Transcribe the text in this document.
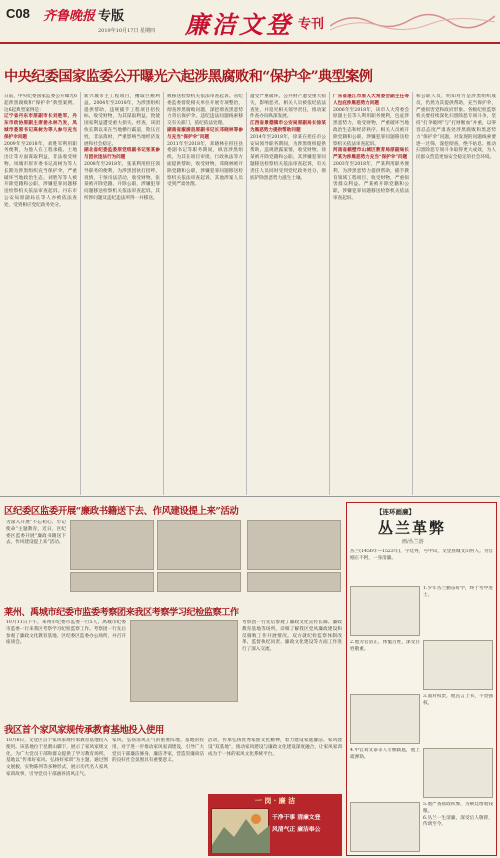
C08 齐鲁晚报 专版
2019年10月17日 星期四 廉洁文登 专刊
中央纪委国家监委公开曝光六起涉黑腐败和“保护伞”典型案例
日前，中央纪委国家监委公开曝光6起涉黑腐败和“保护伞”典型案例。这6起典型案例是：
辽宁省丹东市原副市长刘胜军，丹东市政协原副主席姜永林乃发，凤城市委原书记高树为等人参与充当保护伞问题
2009年至2018年，刘胜军利用职务便利，为他人在工程承揽、土地出让等方面谋取利益，非法收受财物。凤城市原市委书记高树为等人长期为涉黑组织充当保护伞，严重破坏当地政治生态。刘胜军等人被开除党籍和公职，涉嫌犯罪问题移送检察机关依法审查起诉。丹东市公安局原副局长等人亦被依法查处，受到相应党纪政务处分。
新兴城市主工程项目，攫取巨额利益。2004年至2018年，为涉黑组织提供帮助，违规插手工程项目招投标，收受财物，为其谋取利益，致使国家利益遭受重大损失。经查，该团伙长期以来在当地横行霸道，欺压百姓，非法敛财，严重影响当地经济发展和社会稳定。
湖北省纪委监委原党组副书记张某参与团伙违法行为问题
2008年至2018年，张某利用担任领导职务的便利，为涉黑团伙打招呼、说情，干预司法活动，收受财物。张某被开除党籍、开除公职，涉嫌犯罪问题移送检察机关依法审查起诉。其所涉问题及违纪违法所得一并移送。
被移送检察机关依法审查起诉。省纪委监委督促相关单位开展专项整治，彻查涉黑腐败问题，深挖彻查黑恶势力背后保护伞。违纪违法问题线索移交有关部门，依纪依法处理。
湖南省溆浦县原副书记长邓晓林等参与充当“保护伞”问题
2011年至2018年，邓晓林在担任县委副书记等职务期间，纵容涉黑组织，为其在项目审批、行政执法等方面提供帮助，收受财物。邓晓林被开除党籍和公职，涉嫌犯罪问题移送检察机关依法审查起诉，其他涉案人员受到严肃处理。
遭受严重破坏。公共财产遭受重大损失，影响恶劣。相关人员被依纪依法查处，并追究相关领导责任，推动案件查办向纵深发展。
江西省景德镇市公安局原副局长徐某为黑恶势力提供帮助问题
2014年至2018年，徐某在担任市公安局领导职务期间，为涉黑组织提供帮助，违规泄露案情，收受财物。徐某被开除党籍和公职，其涉嫌犯罪问题移送检察机关依法审查起诉，有关责任人员同时受到党纪政务处分，彻底铲除黑恶势力滋生土壤。
广东省湛江市原人大常委会副主任等人包庇涉黑恶势力问题
2006年至2018年，该市人大常委会原副主任等人利用职务便利，包庇涉黑恶势力，收受财物，严重破坏当地政治生态和经济秩序。相关人员被开除党籍和公职，涉嫌犯罪问题移送检察机关依法审查起诉。
河南省鹤壁市山城区教育局原副局长严某为涉黑恶势力充当“保护伞”问题
2003年至2018年，严某利用职务便利，为涉黑恶势力提供帮助，插手教育领域工程项目，收受财物，严重损害群众利益。严某被开除党籍和公职，涉嫌犯罪问题移送检察机关依法审查起诉。
和公职人员，明知对方是涉黑组织成员，仍然为其提供帮助，充当保护伞，严重损害党和政府形象。各级纪检监察机关要持续深化扫黑除恶专项斗争，坚持“打伞破网”与“打财断血”并重，以零容忍态度严肃查处涉黑腐败和黑恶势力“保护伞”问题，对发现的问题线索要逐一过筛，深挖彻查，绝不姑息，推动扫黑除恶专项斗争取得更大成效，为人民群众营造更加安全稳定的社会环境。
区纪委区监委开展“廉政书籍送下去、作风建设提上来”活动
为深入开展“不忘初心、牢记使命”主题教育，近日，区纪委区监委开展“廉政书籍送下去、作风建设提上来”活动。
莱州、禹城市纪委市监委考察团来我区考察学习纪检监察工作
10月11日下午，莱州市纪委市监委一行5人，禹城市纪委市监委一行来我区考察学习纪检监察工作。考察团一行先后参观了廉政文化教育基地、区纪委区监委办公场所，并召开座谈会。
考察团一行先后参观了廉政文化宣传长廊、廉政教育基地等场所，详细了解我区党风廉政建设和反腐败工作开展情况。双方就纪检监察体制改革、监督执纪问责、廉政文化建设等方面工作进行了深入交流。
我区首个家风家规传承教育基地投入使用
10月6日，文登区首个家风家规传承教育基地投入使用。该基地位于昆嵛山脚下，展示了家风家规文化，为广大党员干部和群众提供了学习教育场所。 基地以“传承好家风、弘扬好家训”为主题，通过图文展板、实物陈列等多种形式，展示历代名人家风家训故事，引导党员干部涵养清风正气。
家风，弘扬清风正气的重要阵地。基地的投用，对于进一步推动家风家训建设，引导广大党员干部廉洁修身、廉洁齐家，营造崇廉尚洁的良好社会氛围具有重要意义。
活动，传承弘扬优秀家族文化精神，着力建设家庭廉洁、家风建设“双基地”，推动家风建设与廉政文化建设深度融合，让家风家训成为于一体的家风文化系统平台。
一 岗 · 廉 洁
干净干事 清廉文登
风清气正 廉洁奉公
【连环画廉】
丛兰革弊
画/丛兰溶
丛兰(1456年—1523年)，字廷秀，号中山，文登县城文山村人。为官刚正不阿，一身清廉。
1.少年丛兰勤奋好学，终于考中进士。
2.他为官清正，体恤百姓，深受百姓敬重。
3.面对权贵，他直言上书，不畏强权。
4.中官刘文泰等人专横跋扈，他上疏弹劾。
5.他严查盐政积弊，为朝廷增收钱粮。
6.丛兰一生清廉，深受后人敬仰，传颂至今。
